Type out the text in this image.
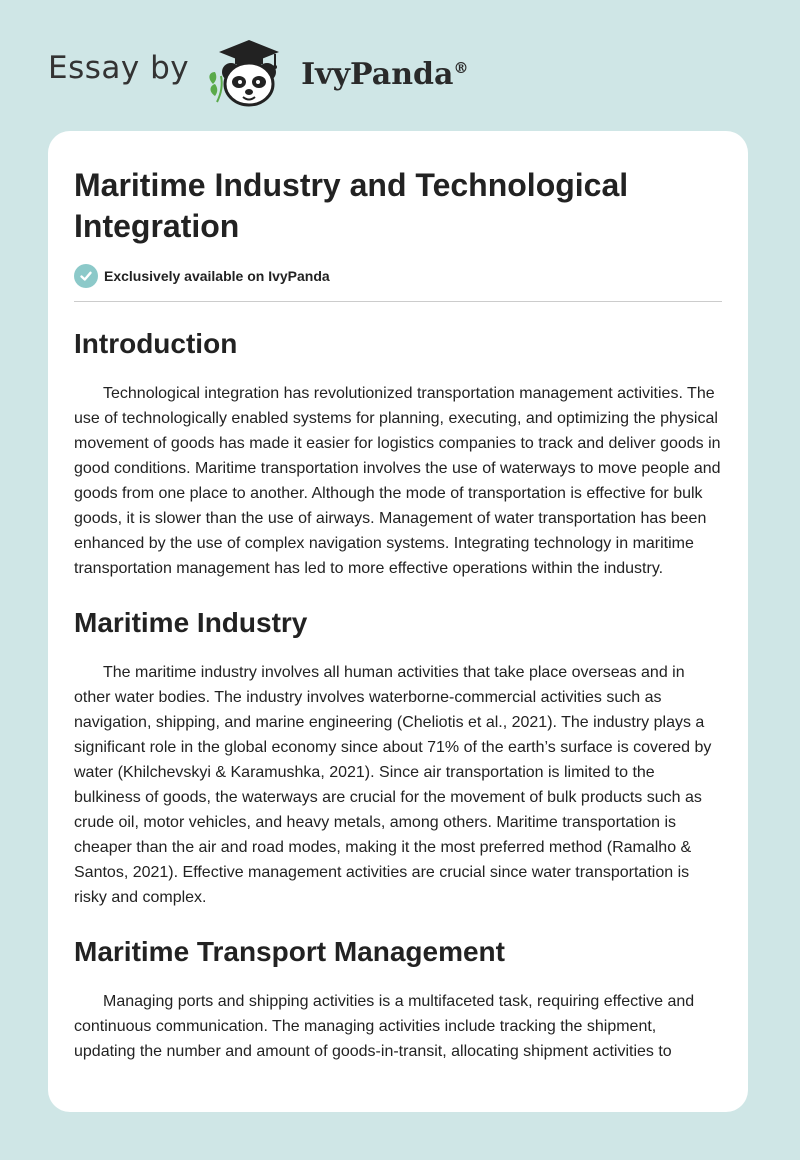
Essay by	IvyPanda®
Maritime Industry and Technological Integration
Exclusively available on IvyPanda
Introduction

Technological integration has revolutionized transportation management activities. The use of technologically enabled systems for planning, executing, and optimizing the physical movement of goods has made it easier for logistics companies to track and deliver goods in good conditions. Maritime transportation involves the use of waterways to move people and goods from one place to another. Although the mode of transportation is effective for bulk goods, it is slower than the use of airways. Management of water transportation has been enhanced by the use of complex navigation systems. Integrating technology in maritime transportation management has led to more effective operations within the industry.

Maritime Industry

The maritime industry involves all human activities that take place overseas and in other water bodies. The industry involves waterborne-commercial activities such as navigation, shipping, and marine engineering (Cheliotis et al., 2021). The industry plays a significant role in the global economy since about 71% of the earth’s surface is covered by water (Khilchevskyi & Karamushka, 2021). Since air transportation is limited to the bulkiness of goods, the waterways are crucial for the movement of bulk products such as crude oil, motor vehicles, and heavy metals, among others. Maritime transportation is cheaper than the air and road modes, making it the most preferred method (Ramalho & Santos, 2021). Effective management activities are crucial since water transportation is risky and complex.

Maritime Transport Management

Managing ports and shipping activities is a multifaceted task, requiring effective and continuous communication. The managing activities include tracking the shipment, updating the number and amount of goods-in-transit, allocating shipment activities to
